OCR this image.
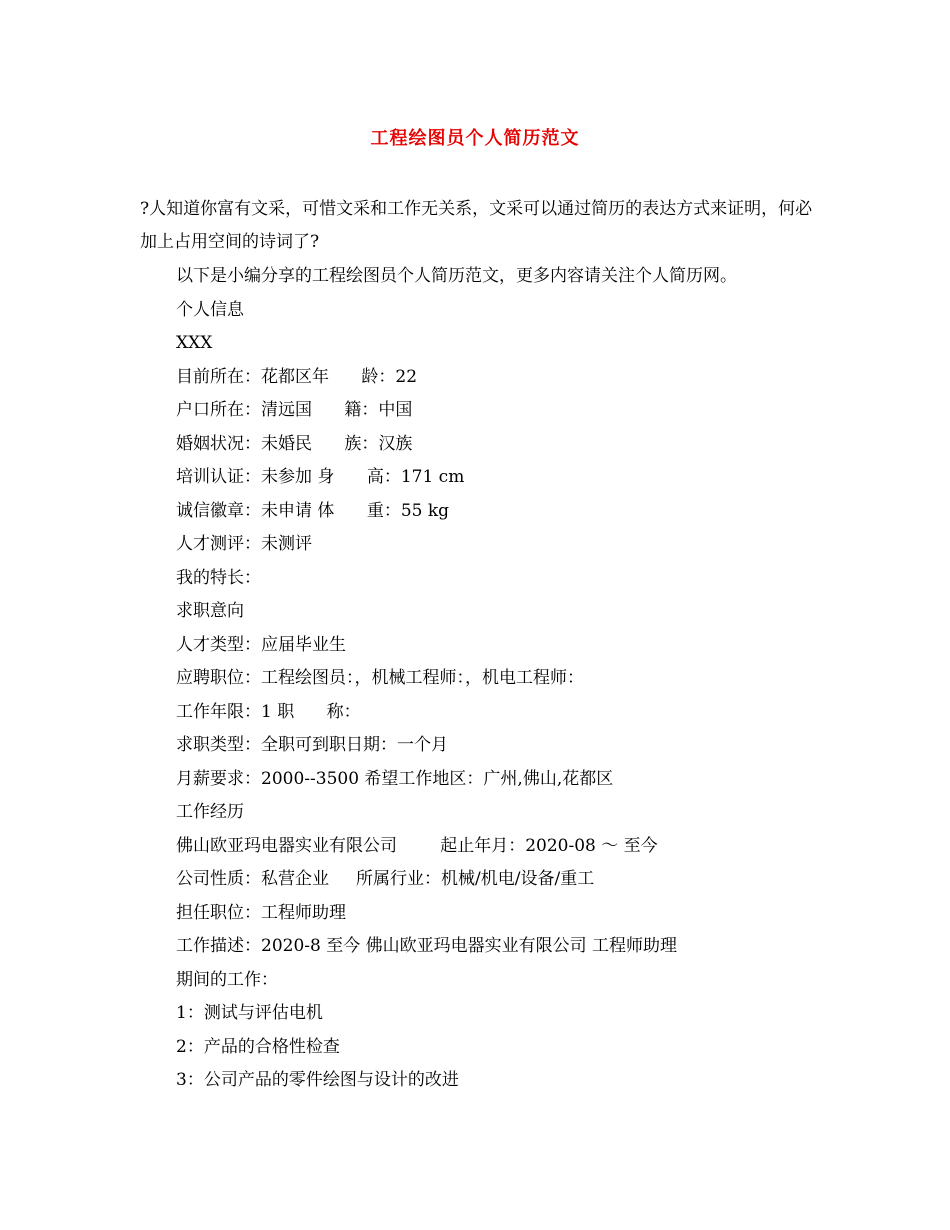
工程绘图员个人简历范文
?人知道你富有文采，可惜文采和工作无关系，文采可以通过简历的表达方式来证明，何必加上占用空间的诗词了?
以下是小编分享的工程绘图员个人简历范文，更多内容请关注个人简历网。
个人信息
XXX
目前所在：花都区年      龄：22
户口所在：清远国      籍：中国
婚姻状况：未婚民      族：汉族
培训认证：未参加 身      高：171 cm
诚信徽章：未申请 体      重：55 kg
人才测评：未测评
我的特长：
求职意向
人才类型：应届毕业生
应聘职位：工程绘图员：，机械工程师：，机电工程师：
工作年限：1 职      称：
求职类型：全职可到职日期：一个月
月薪要求：2000--3500 希望工作地区：广州,佛山,花都区
工作经历
佛山欧亚玛电器实业有限公司        起止年月：2020-08 ～ 至今
公司性质：私营企业     所属行业：机械/机电/设备/重工
担任职位：工程师助理
工作描述：2020-8 至今 佛山欧亚玛电器实业有限公司 工程师助理
期间的工作：
1：测试与评估电机
2：产品的合格性检查
3：公司产品的零件绘图与设计的改进
